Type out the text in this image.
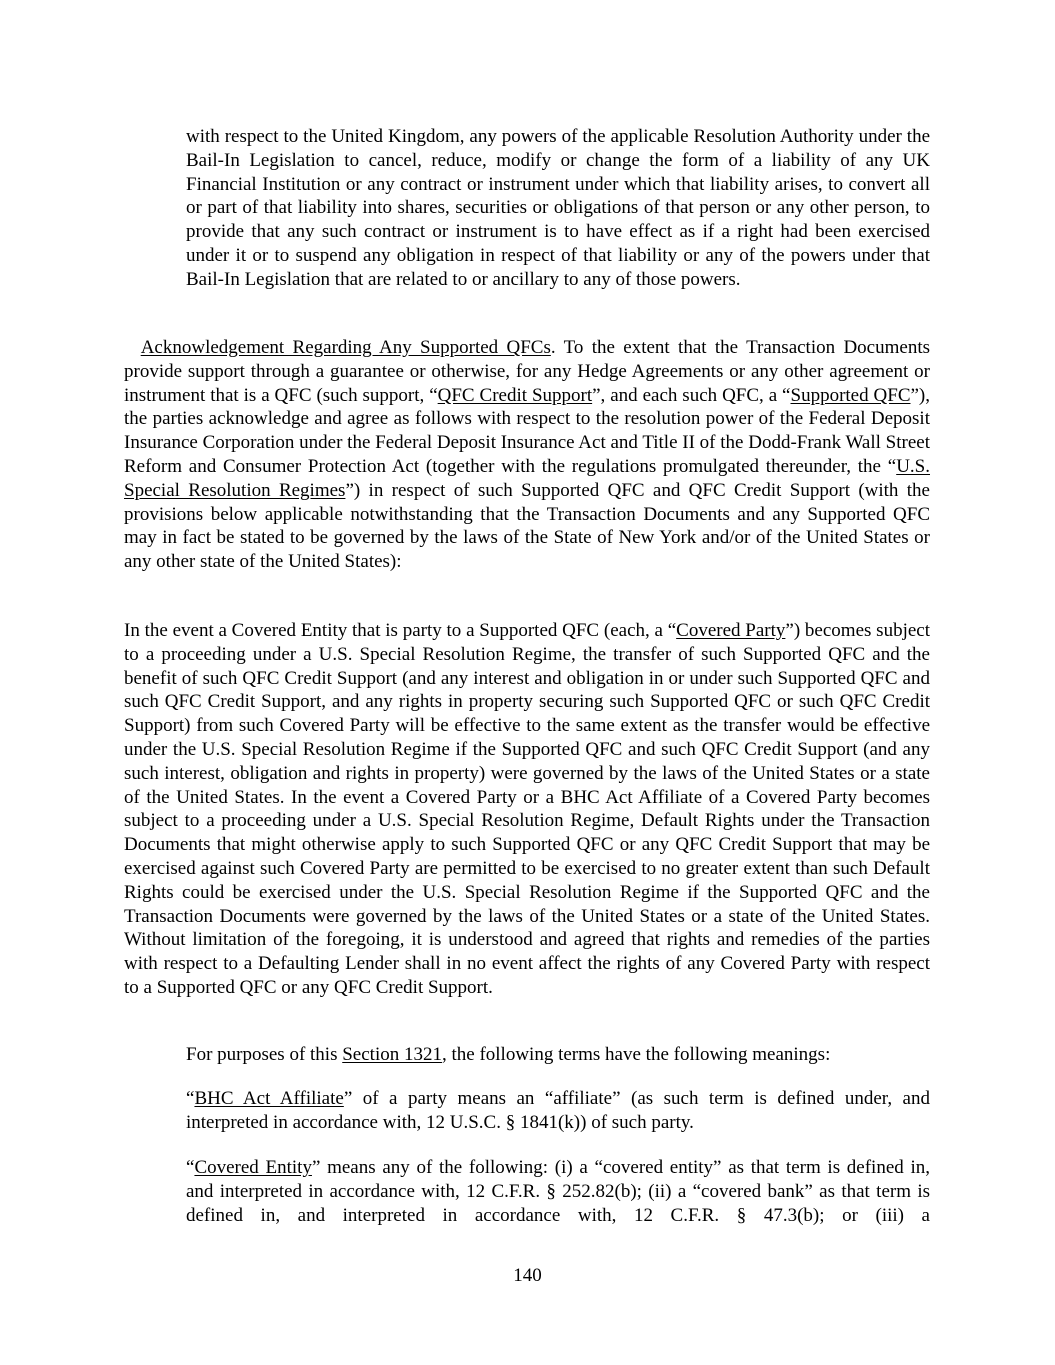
with respect to the United Kingdom, any powers of the applicable Resolution Authority under the Bail-In Legislation to cancel, reduce, modify or change the form of a liability of any UK Financial Institution or any contract or instrument under which that liability arises, to convert all or part of that liability into shares, securities or obligations of that person or any other person, to provide that any such contract or instrument is to have effect as if a right had been exercised under it or to suspend any obligation in respect of that liability or any of the powers under that Bail-In Legislation that are related to or ancillary to any of those powers.

Acknowledgement Regarding Any Supported QFCs. To the extent that the Transaction Documents provide support through a guarantee or otherwise, for any Hedge Agreements or any other agreement or instrument that is a QFC (such support, “QFC Credit Support”, and each such QFC, a “Supported QFC”), the parties acknowledge and agree as follows with respect to the resolution power of the Federal Deposit Insurance Corporation under the Federal Deposit Insurance Act and Title II of the Dodd-Frank Wall Street Reform and Consumer Protection Act (together with the regulations promulgated thereunder, the “U.S. Special Resolution Regimes”) in respect of such Supported QFC and QFC Credit Support (with the provisions below applicable notwithstanding that the Transaction Documents and any Supported QFC may in fact be stated to be governed by the laws of the State of New York and/or of the United States or any other state of the United States):

In the event a Covered Entity that is party to a Supported QFC (each, a “Covered Party”) becomes subject to a proceeding under a U.S. Special Resolution Regime, the transfer of such Supported QFC and the benefit of such QFC Credit Support (and any interest and obligation in or under such Supported QFC and such QFC Credit Support, and any rights in property securing such Supported QFC or such QFC Credit Support) from such Covered Party will be effective to the same extent as the transfer would be effective under the U.S. Special Resolution Regime if the Supported QFC and such QFC Credit Support (and any such interest, obligation and rights in property) were governed by the laws of the United States or a state of the United States. In the event a Covered Party or a BHC Act Affiliate of a Covered Party becomes subject to a proceeding under a U.S. Special Resolution Regime, Default Rights under the Transaction Documents that might otherwise apply to such Supported QFC or any QFC Credit Support that may be exercised against such Covered Party are permitted to be exercised to no greater extent than such Default Rights could be exercised under the U.S. Special Resolution Regime if the Supported QFC and the Transaction Documents were governed by the laws of the United States or a state of the United States. Without limitation of the foregoing, it is understood and agreed that rights and remedies of the parties with respect to a Defaulting Lender shall in no event affect the rights of any Covered Party with respect to a Supported QFC or any QFC Credit Support.

For purposes of this Section 1321, the following terms have the following meanings:

“BHC Act Affiliate” of a party means an “affiliate” (as such term is defined under, and interpreted in accordance with, 12 U.S.C. § 1841(k)) of such party.

“Covered Entity” means any of the following: (i) a “covered entity” as that term is defined in, and interpreted in accordance with, 12 C.F.R. § 252.82(b); (ii) a “covered bank” as that term is defined in, and interpreted in accordance with, 12 C.F.R. § 47.3(b); or (iii) a

140
